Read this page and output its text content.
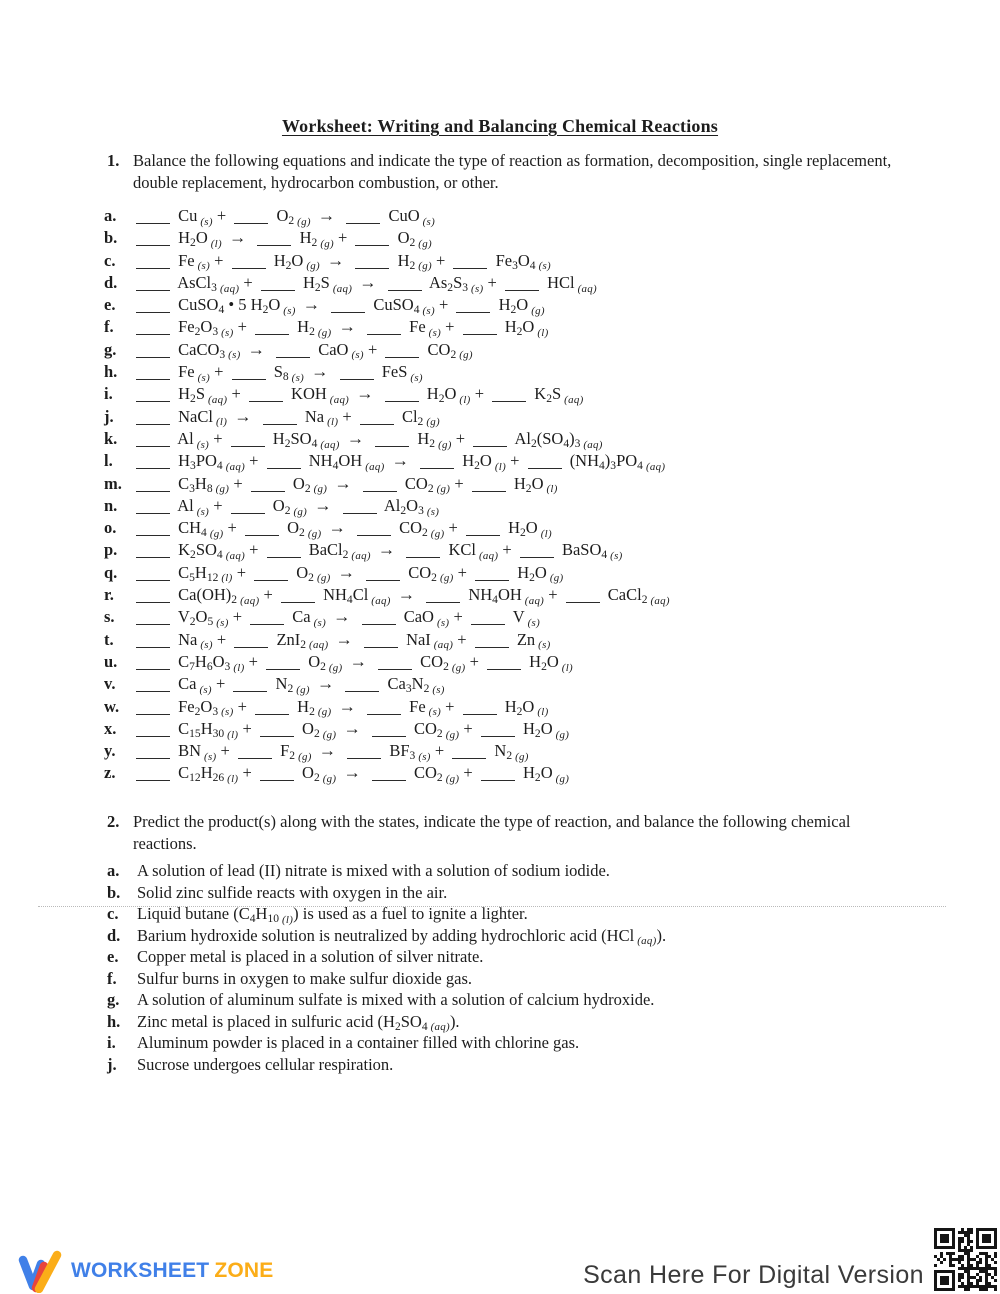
Worksheet: Writing and Balancing Chemical Reactions
1. Balance the following equations and indicate the type of reaction as formation, decomposition, single replacement, double replacement, hydrocarbon combustion, or other.
a.	Cu $_{(s)}$ +	$O_2$ $_{(g)}$ →	CuO $_{(s)}$
b.	$H_2O$ $_{(l)}$ →	$H_2$ $_{(g)}$ +	$O_2$ $_{(g)}$
c.	Fe $_{(s)}$ +	$H_2O$ $_{(g)}$ →	$H_2$ $_{(g)}$ +	$Fe_3O_4$ $_{(s)}$
d.	AsCl$_3$ $_{(aq)}$ +	$H_2S$ $_{(aq)}$ →	$As_2S_3$ $_{(s)}$ +	HCl $_{(aq)}$
e.	CuSO$_4$ • 5 $H_2O$ $_{(s)}$ →	CuSO$_4$ $_{(s)}$ +	$H_2O$ $_{(g)}$
f.	$Fe_2O_3$ $_{(s)}$ +	$H_2$ $_{(g)}$ →	Fe $_{(s)}$ +	$H_2O$ $_{(l)}$
g.	CaCO$_3$ $_{(s)}$ →	CaO $_{(s)}$ +	$CO_2$ $_{(g)}$
h.	Fe $_{(s)}$ +	$S_8$ $_{(s)}$ →	FeS $_{(s)}$
i.	$H_2S$ $_{(aq)}$ +	KOH $_{(aq)}$ →	$H_2O$ $_{(l)}$ +	$K_2S$ $_{(aq)}$
j.	NaCl $_{(l)}$ →	Na $_{(l)}$ +	$Cl_2$ $_{(g)}$
k.	Al $_{(s)}$ +	$H_2SO_4$ $_{(aq)}$ →	$H_2$ $_{(g)}$ +	$Al_2(SO_4)_3$ $_{(aq)}$
l.	$H_3PO_4$ $_{(aq)}$ +	$NH_4OH$ $_{(aq)}$ →	$H_2O$ $_{(l)}$ +	$(NH_4)_3PO_4$ $_{(aq)}$
m.	$C_3H_8$ $_{(g)}$ +	$O_2$ $_{(g)}$ →	$CO_2$ $_{(g)}$ +	$H_2O$ $_{(l)}$
n.	Al $_{(s)}$ +	$O_2$ $_{(g)}$ →	$Al_2O_3$ $_{(s)}$
o.	$CH_4$ $_{(g)}$ +	$O_2$ $_{(g)}$ →	$CO_2$ $_{(g)}$ +	$H_2O$ $_{(l)}$
p.	$K_2SO_4$ $_{(aq)}$ +	BaCl$_2$ $_{(aq)}$ →	KCl $_{(aq)}$ +	BaSO$_4$ $_{(s)}$
q.	$C_5H_{12}$ $_{(l)}$ +	$O_2$ $_{(g)}$ →	$CO_2$ $_{(g)}$ +	$H_2O$ $_{(g)}$
r.	$Ca(OH)_2$ $_{(aq)}$ +	$NH_4Cl$ $_{(aq)}$ →	$NH_4OH$ $_{(aq)}$ +	CaCl$_2$ $_{(aq)}$
s.	$V_2O_5$ $_{(s)}$ +	Ca $_{(s)}$ →	CaO $_{(s)}$ +	V $_{(s)}$
t.	Na $_{(s)}$ +	ZnI$_2$ $_{(aq)}$ →	NaI $_{(aq)}$ +	Zn $_{(s)}$
u.	$C_7H_6O_3$ $_{(l)}$ +	$O_2$ $_{(g)}$ →	$CO_2$ $_{(g)}$ +	$H_2O$ $_{(l)}$
v.	Ca $_{(s)}$ +	$N_2$ $_{(g)}$ →	$Ca_3N_2$ $_{(s)}$
w.	$Fe_2O_3$ $_{(s)}$ +	$H_2$ $_{(g)}$ →	Fe $_{(s)}$ +	$H_2O$ $_{(l)}$
x.	$C_{15}H_{30}$ $_{(l)}$ +	$O_2$ $_{(g)}$ →	$CO_2$ $_{(g)}$ +	$H_2O$ $_{(g)}$
y.	BN $_{(s)}$ +	$F_2$ $_{(g)}$ →	$BF_3$ $_{(s)}$ +	$N_2$ $_{(g)}$
z.	$C_{12}H_{26}$ $_{(l)}$ +	$O_2$ $_{(g)}$ →	$CO_2$ $_{(g)}$ +	$H_2O$ $_{(g)}$
2. Predict the product(s) along with the states, indicate the type of reaction, and balance the following chemical reactions.
a.	A solution of lead (II) nitrate is mixed with a solution of sodium iodide.
b.	Solid zinc sulfide reacts with oxygen in the air.
c.	Liquid butane ($C_4H_{10}$ $_{(l)}$) is used as a fuel to ignite a lighter.
d.	Barium hydroxide solution is neutralized by adding hydrochloric acid (HCl $_{(aq)}$).
e.	Copper metal is placed in a solution of silver nitrate.
f.	Sulfur burns in oxygen to make sulfur dioxide gas.
g.	A solution of aluminum sulfate is mixed with a solution of calcium hydroxide.
h.	Zinc metal is placed in sulfuric acid ($H_2SO_4$ $_{(aq)}$).
i.	Aluminum powder is placed in a container filled with chlorine gas.
j.	Sucrose undergoes cellular respiration.
WORKSHEET ZONE	Scan Here For Digital Version
